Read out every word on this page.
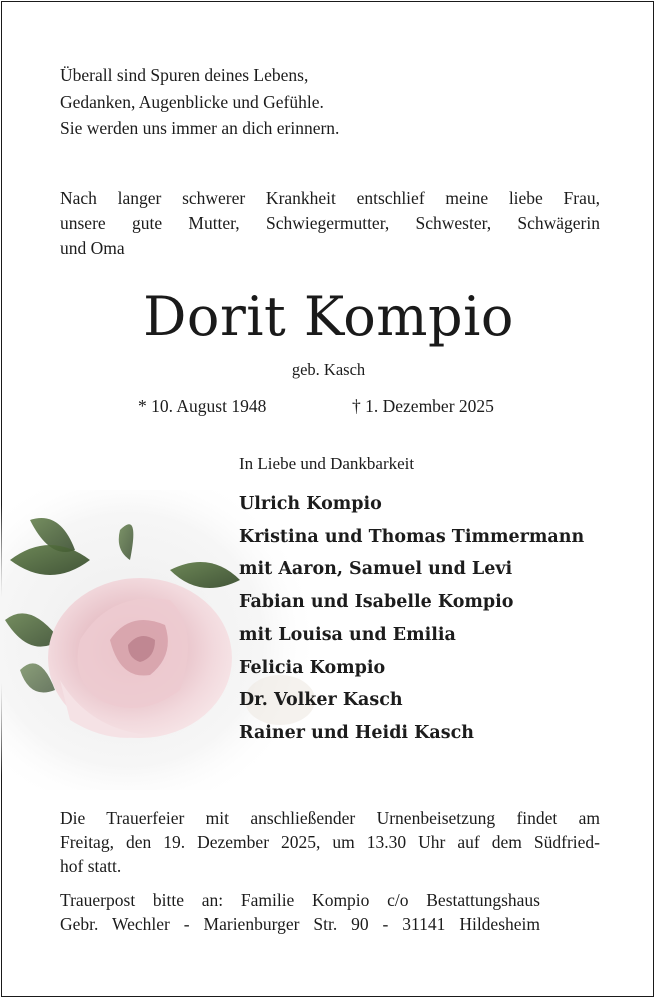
Überall sind Spuren deines Lebens,
Gedanken, Augenblicke und Gefühle.
Sie werden uns immer an dich erinnern.
Nach langer schwerer Krankheit entschlief meine liebe Frau,
unsere gute Mutter, Schwiegermutter, Schwester, Schwägerin
und Oma
Dorit Kompio
geb. Kasch
* 10. August 1948	† 1. Dezember 2025
In Liebe und Dankbarkeit
Ulrich Kompio
Kristina und Thomas Timmermann
mit Aaron, Samuel und Levi
Fabian und Isabelle Kompio
mit Louisa und Emilia
Felicia Kompio
Dr. Volker Kasch
Rainer und Heidi Kasch
Die Trauerfeier mit anschließender Urnenbeisetzung findet am
Freitag, den 19. Dezember 2025, um 13.30 Uhr auf dem Südfried-
hof statt.
Trauerpost bitte an: Familie Kompio c/o Bestattungshaus
Gebr. Wechler - Marienburger Str. 90 - 31141 Hildesheim
